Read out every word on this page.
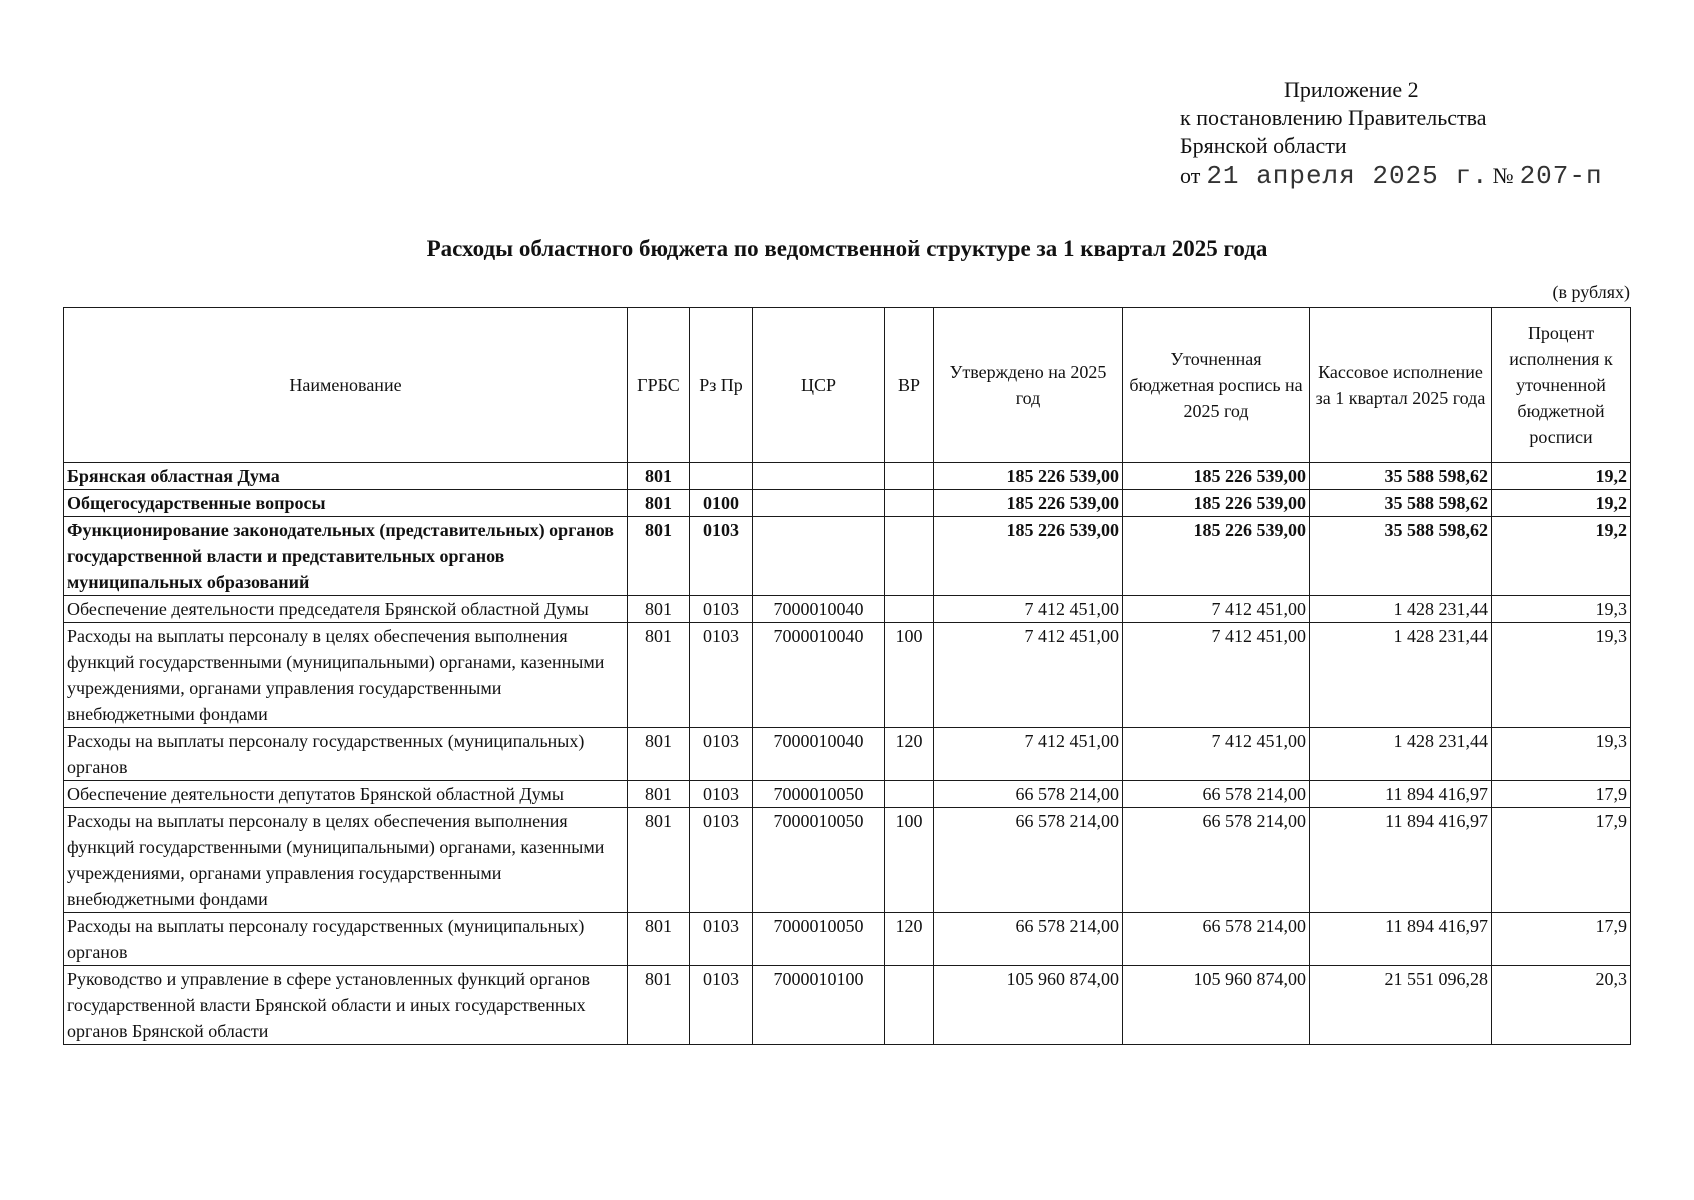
Приложение 2
к постановлению Правительства
Брянской области
от 21 апреля 2025 г. № 207-п
Расходы областного бюджета по ведомственной структуре за 1 квартал 2025 года
(в рублях)
Наименование	ГРБС	Рз Пр	ЦСР	ВР	Утверждено на 2025 год	Уточненная бюджетная роспись на 2025 год	Кассовое исполнение за 1 квартал 2025 года	Процент исполнения к уточненной бюджетной росписи
Брянская областная Дума	801				185 226 539,00	185 226 539,00	35 588 598,62	19,2
Общегосударственные вопросы	801	0100			185 226 539,00	185 226 539,00	35 588 598,62	19,2
Функционирование законодательных (представительных) органов государственной власти и представительных органов муниципальных образований	801	0103			185 226 539,00	185 226 539,00	35 588 598,62	19,2
Обеспечение деятельности председателя Брянской областной Думы	801	0103	7000010040		7 412 451,00	7 412 451,00	1 428 231,44	19,3
Расходы на выплаты персоналу в целях обеспечения выполнения функций государственными (муниципальными) органами, казенными учреждениями, органами управления государственными внебюджетными фондами	801	0103	7000010040	100	7 412 451,00	7 412 451,00	1 428 231,44	19,3
Расходы на выплаты персоналу государственных (муниципальных) органов	801	0103	7000010040	120	7 412 451,00	7 412 451,00	1 428 231,44	19,3
Обеспечение деятельности депутатов Брянской областной Думы	801	0103	7000010050		66 578 214,00	66 578 214,00	11 894 416,97	17,9
Расходы на выплаты персоналу в целях обеспечения выполнения функций государственными (муниципальными) органами, казенными учреждениями, органами управления государственными внебюджетными фондами	801	0103	7000010050	100	66 578 214,00	66 578 214,00	11 894 416,97	17,9
Расходы на выплаты персоналу государственных (муниципальных) органов	801	0103	7000010050	120	66 578 214,00	66 578 214,00	11 894 416,97	17,9
Руководство и управление в сфере установленных функций органов государственной власти Брянской области и иных государственных органов Брянской области	801	0103	7000010100		105 960 874,00	105 960 874,00	21 551 096,28	20,3
